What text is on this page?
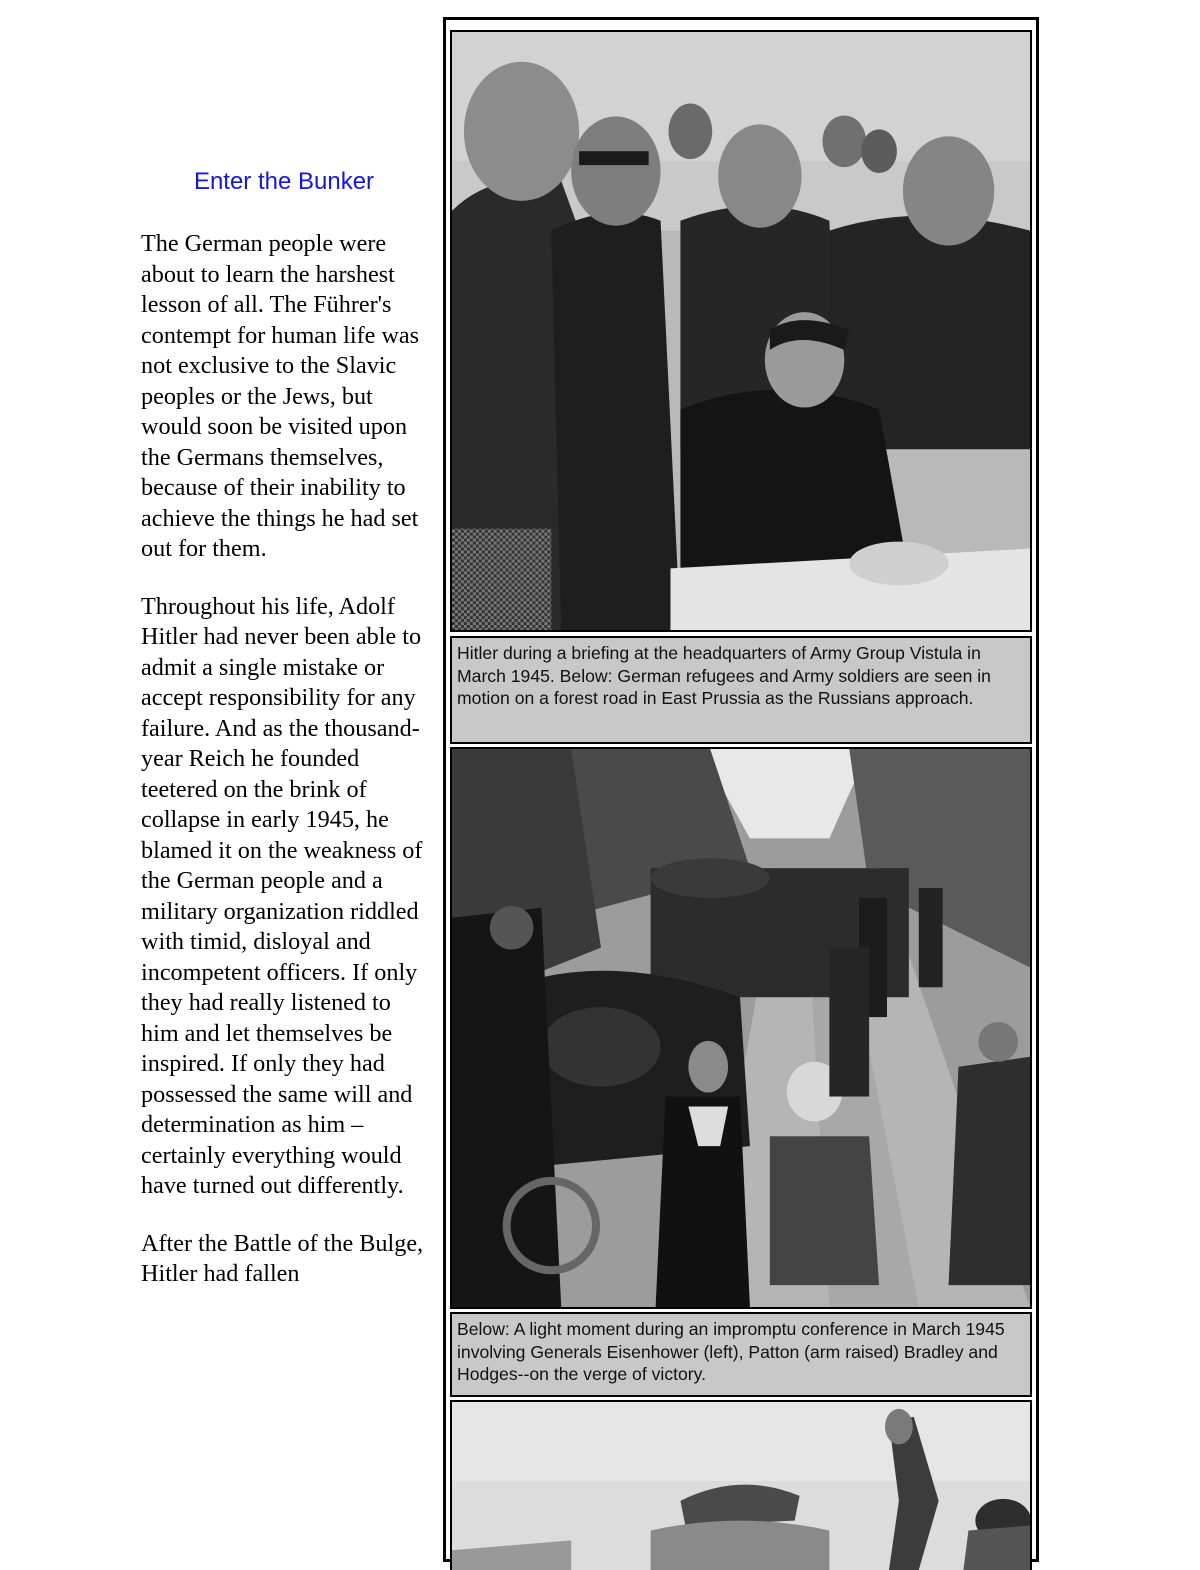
Enter the Bunker

The German people were about to learn the harshest lesson of all. The Führer's contempt for human life was not exclusive to the Slavic peoples or the Jews, but would soon be visited upon the Germans themselves, because of their inability to achieve the things he had set out for them.

Throughout his life, Adolf Hitler had never been able to admit a single mistake or accept responsibility for any failure. And as the thousand-year Reich he founded teetered on the brink of collapse in early 1945, he blamed it on the weakness of the German people and a military organization riddled with timid, disloyal and incompetent officers. If only they had really listened to him and let themselves be inspired. If only they had possessed the same will and determination as him – certainly everything would have turned out differently.

After the Battle of the Bulge, Hitler had fallen

Hitler during a briefing at the headquarters of Army Group Vistula in March 1945. Below: German refugees and Army soldiers are seen in motion on a forest road in East Prussia as the Russians approach.
Below: A light moment during an impromptu conference in March 1945 involving Generals Eisenhower (left), Patton (arm raised) Bradley and Hodges--on the verge of victory.
